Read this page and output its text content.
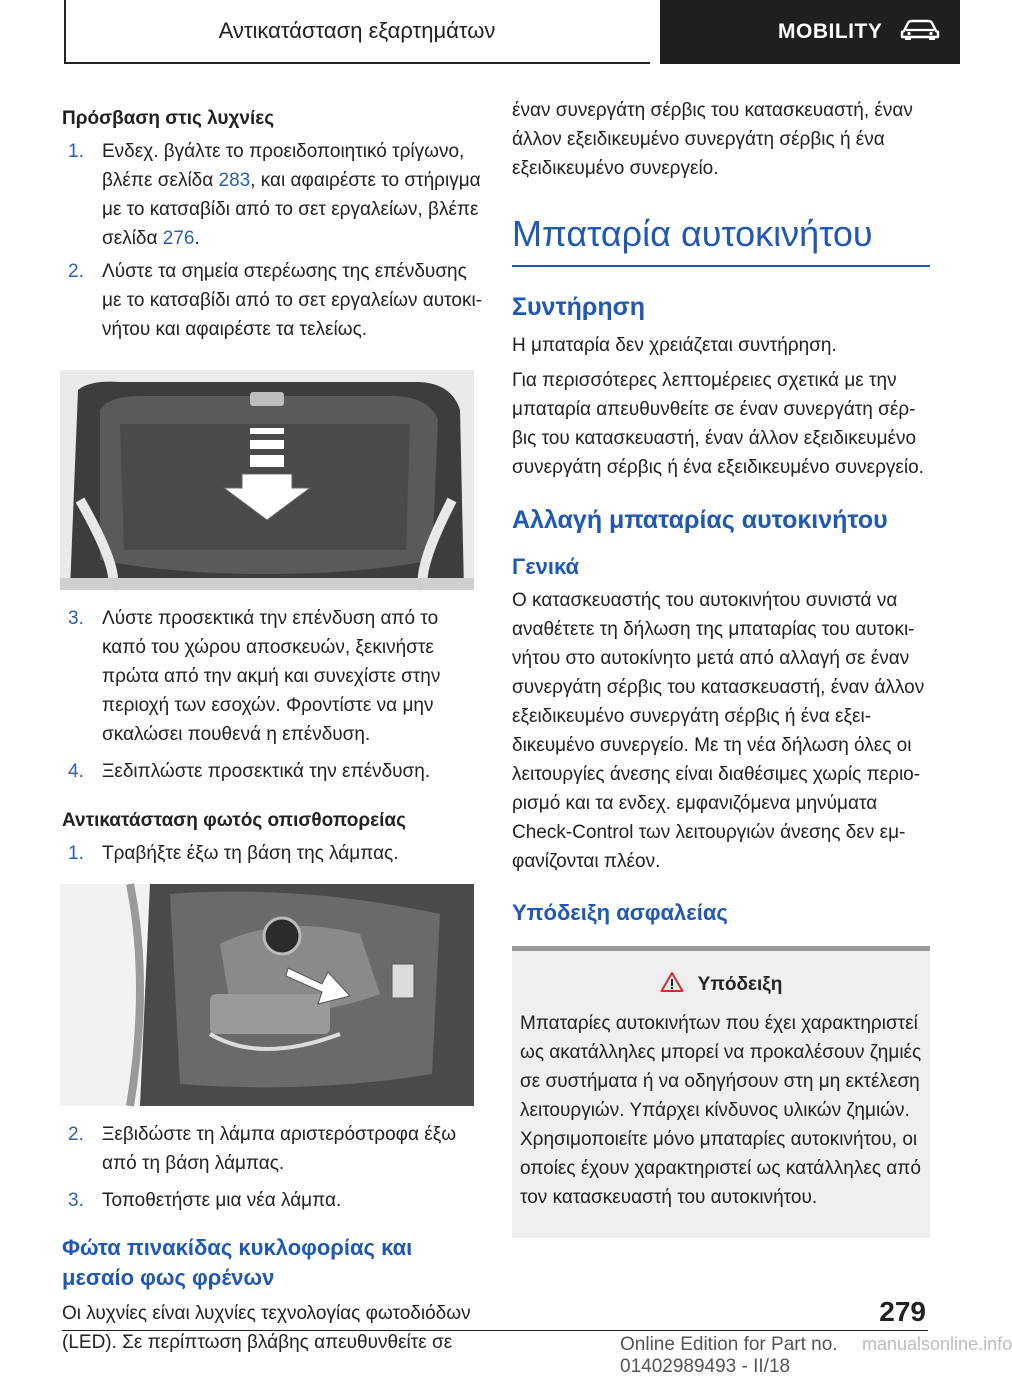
Αντικατάσταση εξαρτημάτων	MOBILITY
Πρόσβαση στις λυχνίες
1. Ενδεχ. βγάλτε το προειδοποιητικό τρίγωνο, βλέπε σελίδα 283, και αφαιρέστε το στήριγμα με το κατσαβίδι από το σετ εργαλείων, βλέπε σελίδα 276.
2. Λύστε τα σημεία στερέωσης της επένδυσης με το κατσαβίδι από το σετ εργαλείων αυτοκινήτου και αφαιρέστε τα τελείως.
3. Λύστε προσεκτικά την επένδυση από το καπό του χώρου αποσκευών, ξεκινήστε πρώτα από την ακμή και συνεχίστε στην περιοχή των εσοχών. Φροντίστε να μην σκαλώσει πουθενά η επένδυση.
4. Ξεδιπλώστε προσεκτικά την επένδυση.
Αντικατάσταση φωτός οπισθοπορείας
1. Τραβήξτε έξω τη βάση της λάμπας.
2. Ξεβιδώστε τη λάμπα αριστερόστροφα έξω από τη βάση λάμπας.
3. Τοποθετήστε μια νέα λάμπα.
Φώτα πινακίδας κυκλοφορίας και μεσαίο φως φρένων
Οι λυχνίες είναι λυχνίες τεχνολογίας φωτοδιόδων (LED). Σε περίπτωση βλάβης απευθυνθείτε σε
έναν συνεργάτη σέρβις του κατασκευαστή, έναν άλλον εξειδικευμένο συνεργάτη σέρβις ή ένα εξειδικευμένο συνεργείο.
Μπαταρία αυτοκινήτου
Συντήρηση
Η μπαταρία δεν χρειάζεται συντήρηση.
Για περισσότερες λεπτομέρειες σχετικά με την μπαταρία απευθυνθείτε σε έναν συνεργάτη σέρβις του κατασκευαστή, έναν άλλον εξειδικευμένο συνεργάτη σέρβις ή ένα εξειδικευμένο συνεργείο.
Αλλαγή μπαταρίας αυτοκινήτου
Γενικά
Ο κατασκευαστής του αυτοκινήτου συνιστά να αναθέτετε τη δήλωση της μπαταρίας του αυτοκινήτου στο αυτοκίνητο μετά από αλλαγή σε έναν συνεργάτη σέρβις του κατασκευαστή, έναν άλλον εξειδικευμένο συνεργάτη σέρβις ή ένα εξειδικευμένο συνεργείο. Με τη νέα δήλωση όλες οι λειτουργίες άνεσης είναι διαθέσιμες χωρίς περιορισμό και τα ενδεχ. εμφανιζόμενα μηνύματα Check-Control των λειτουργιών άνεσης δεν εμφανίζονται πλέον.
Υπόδειξη ασφαλείας
Υπόδειξη
Μπαταρίες αυτοκινήτων που έχει χαρακτηριστεί ως ακατάλληλες μπορεί να προκαλέσουν ζημιές σε συστήματα ή να οδηγήσουν στη μη εκτέλεση λειτουργιών. Υπάρχει κίνδυνος υλικών ζημιών. Χρησιμοποιείτε μόνο μπαταρίες αυτοκινήτου, οι οποίες έχουν χαρακτηριστεί ως κατάλληλες από τον κατασκευαστή του αυτοκινήτου.
279
Online Edition for Part no. 01402989493 - II/18
manualsonline.info
